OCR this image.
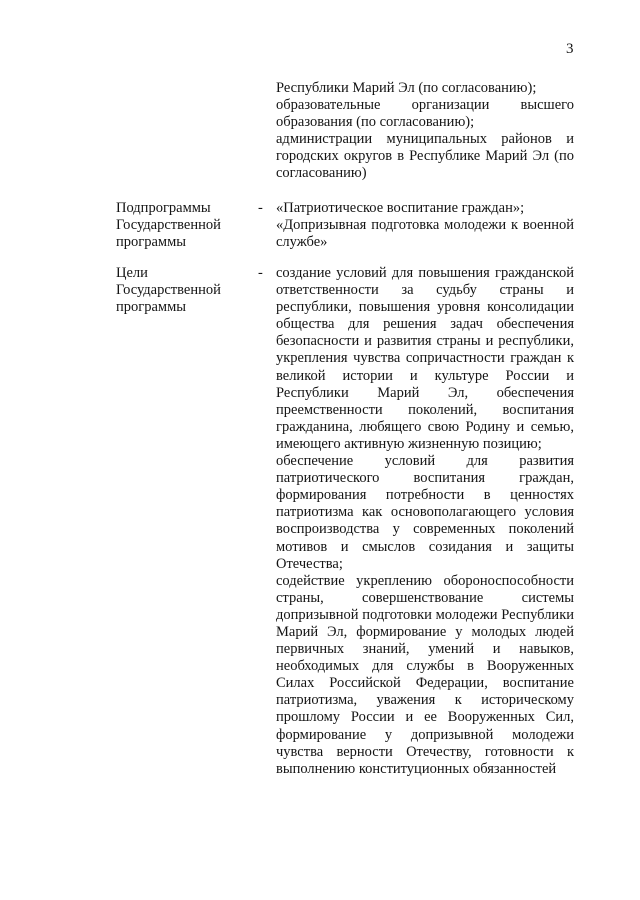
3

Республики Марий Эл (по согласованию);

образовательные организации высшего образования (по согласованию);

администрации муниципальных районов и городских округов в Республике Марий Эл (по согласованию)

Подпрограммы Государственной программы
- «Патриотическое воспитание граждан»;

«Допризывная подготовка молодежи к военной службе»

Цели Государственной программы
- создание условий для повышения гражданской ответственности за судьбу страны и республики, повышения уровня консолидации общества для решения задач обеспечения безопасности и развития страны и республики, укрепления чувства сопричастности граждан к великой истории и культуре России и Республики Марий Эл, обеспечения преемственности поколений, воспитания гражданина, любящего свою Родину и семью, имеющего активную жизненную позицию;

обеспечение условий для развития патриотического воспитания граждан, формирования потребности в ценностях патриотизма как основополагающего условия воспроизводства у современных поколений мотивов и смыслов созидания и защиты Отечества;

содействие укреплению обороноспособности страны, совершенствование системы допризывной подготовки молодежи Республики Марий Эл, формирование у молодых людей первичных знаний, умений и навыков, необходимых для службы в Вооруженных Силах Российской Федерации, воспитание патриотизма, уважения к историческому прошлому России и ее Вооруженных Сил, формирование у допризывной молодежи чувства верности Отечеству, готовности к выполнению конституционных обязанностей
